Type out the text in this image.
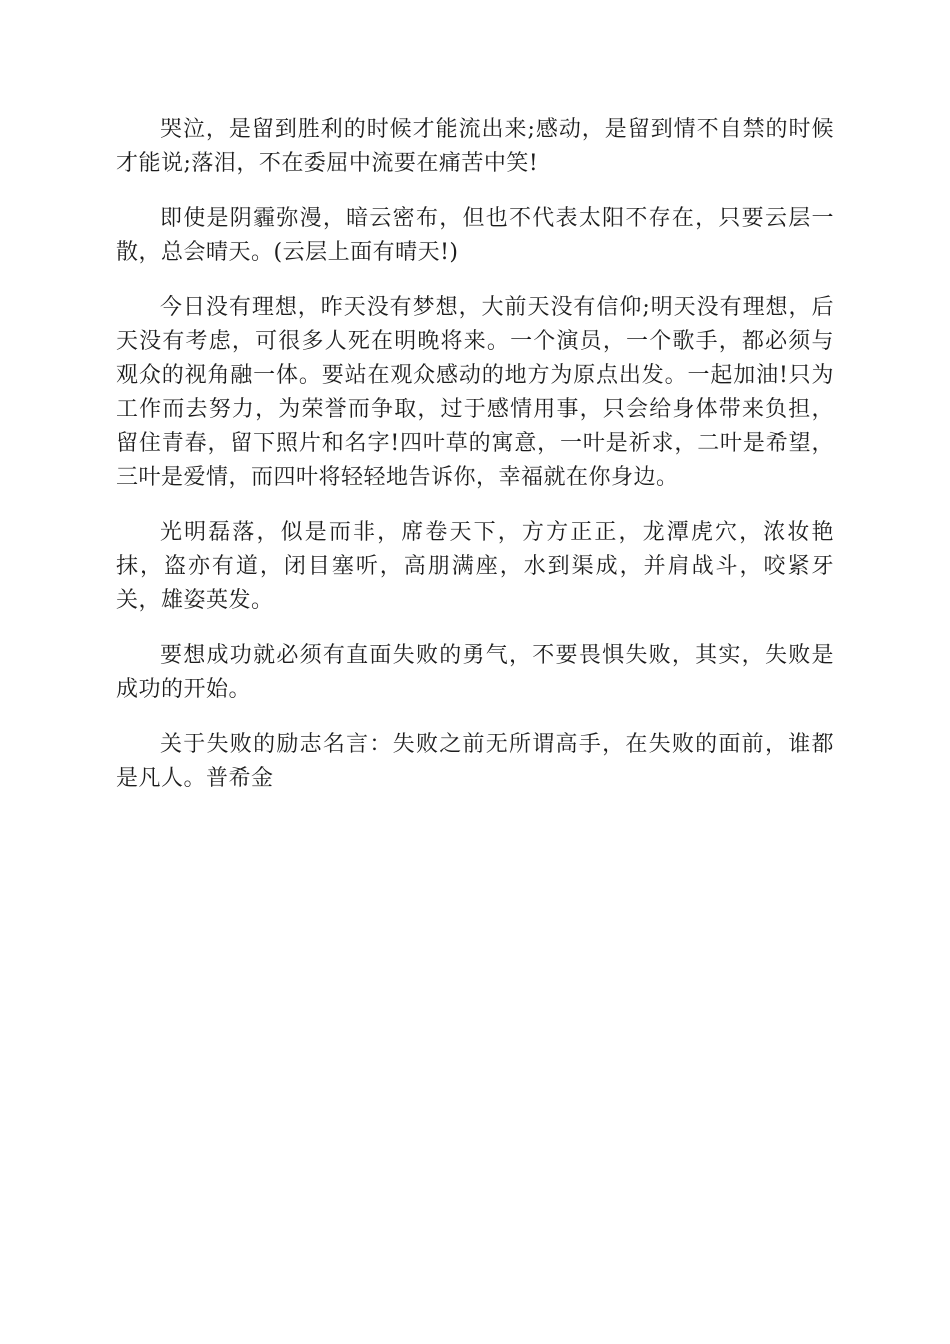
哭泣，是留到胜利的时候才能流出来;感动，是留到情不自禁的时候才能说;落泪，不在委屈中流要在痛苦中笑!

即使是阴霾弥漫，暗云密布，但也不代表太阳不存在，只要云层一散，总会晴天。(云层上面有晴天!)

今日没有理想，昨天没有梦想，大前天没有信仰;明天没有理想，后天没有考虑，可很多人死在明晚将来。一个演员，一个歌手，都必须与观众的视角融一体。要站在观众感动的地方为原点出发。一起加油!只为工作而去努力，为荣誉而争取，过于感情用事，只会给身体带来负担，留住青春，留下照片和名字!四叶草的寓意，一叶是祈求，二叶是希望，三叶是爱情，而四叶将轻轻地告诉你，幸福就在你身边。

光明磊落，似是而非，席卷天下，方方正正，龙潭虎穴，浓妆艳抹，盗亦有道，闭目塞听，高朋满座，水到渠成，并肩战斗，咬紧牙关，雄姿英发。

要想成功就必须有直面失败的勇气，不要畏惧失败，其实，失败是成功的开始。

关于失败的励志名言：失败之前无所谓高手，在失败的面前，谁都是凡人。普希金
